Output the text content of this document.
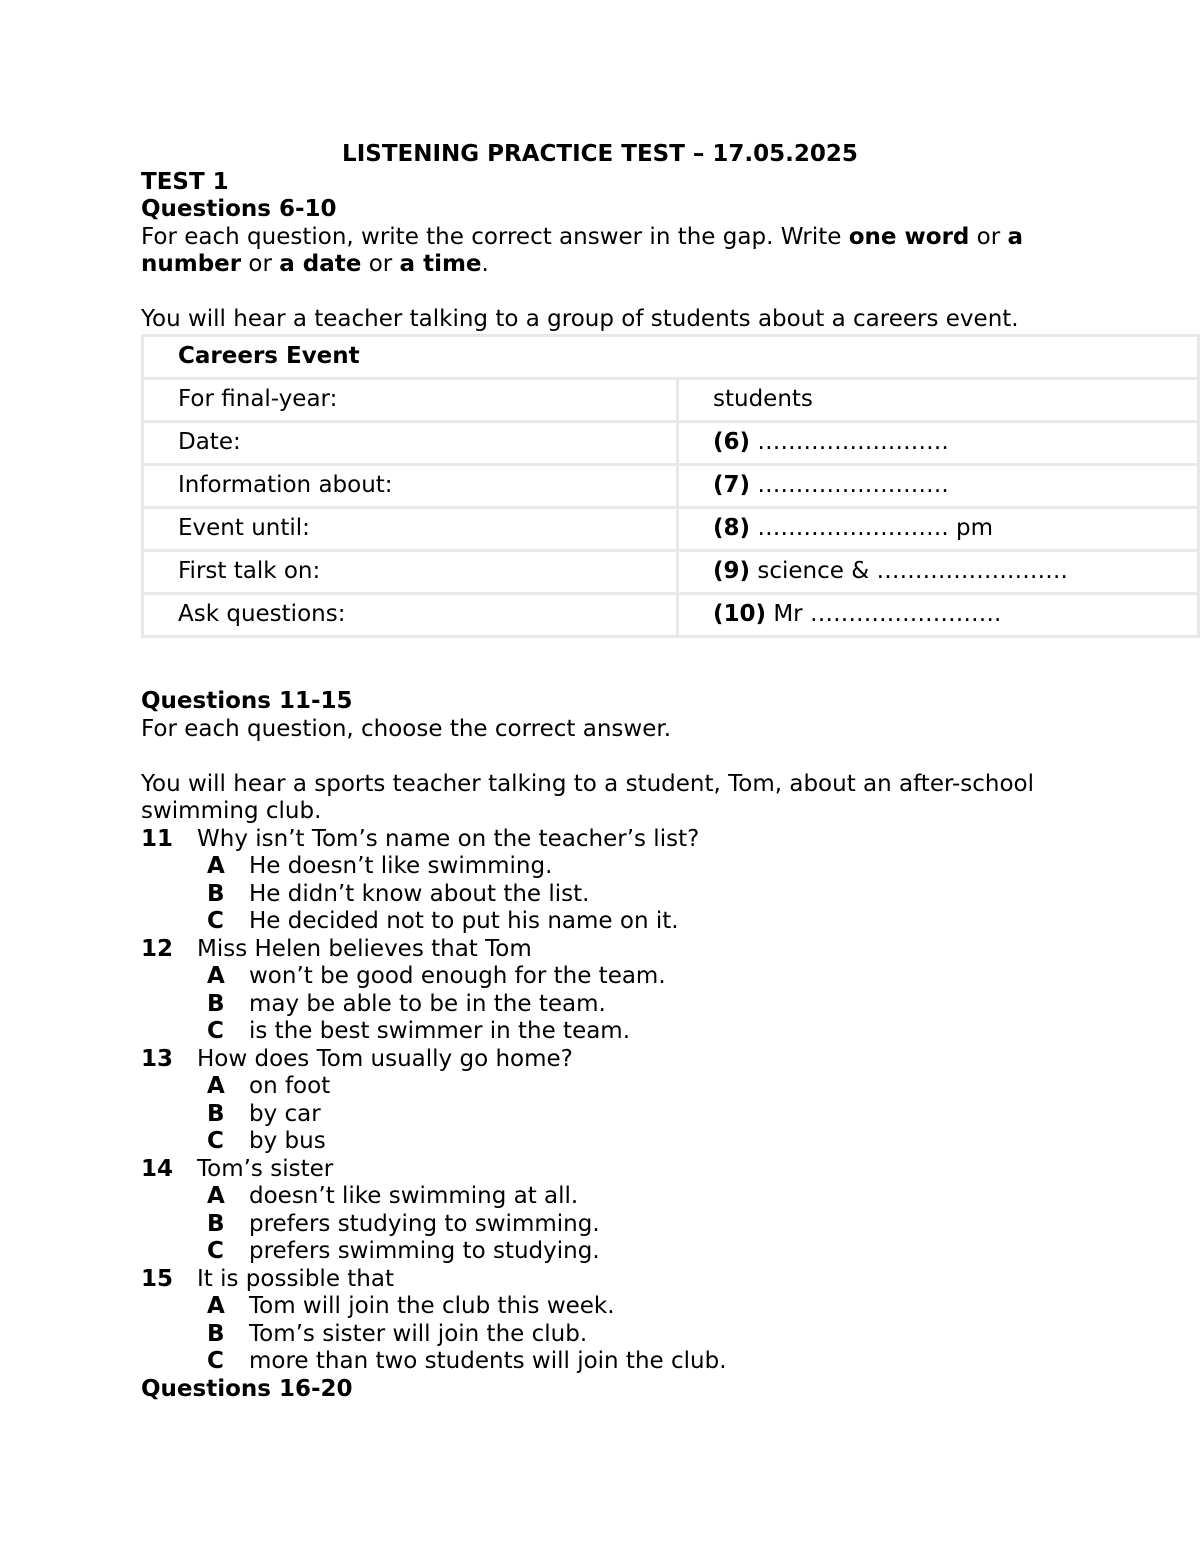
LISTENING PRACTICE TEST – 17.05.2025

TEST 1

Questions 6-10

For each question, write the correct answer in the gap. Write one word or a number or a date or a time.

You will hear a teacher talking to a group of students about a careers event.

Careers Event	
For final-year:	students
Date:	(6) …………………….
Information about:	(7) …………………….
Event until:	(8) ……………………. pm
First talk on:	(9) science & …………………….
Ask questions:	(10) Mr …………………….

Questions 11-15

For each question, choose the correct answer.

You will hear a sports teacher talking to a student, Tom, about an after-school swimming club.

11	Why isn’t Tom’s name on the teacher’s list?
A	He doesn’t like swimming.
B	He didn’t know about the list.
C	He decided not to put his name on it.
12	Miss Helen believes that Tom
A	won’t be good enough for the team.
B	may be able to be in the team.
C	is the best swimmer in the team.
13	How does Tom usually go home?
A	on foot
B	by car
C	by bus
14	Tom’s sister
A	doesn’t like swimming at all.
B	prefers studying to swimming.
C	prefers swimming to studying.
15	It is possible that
A	Tom will join the club this week.
B	Tom’s sister will join the club.
C	more than two students will join the club.

Questions 16-20
